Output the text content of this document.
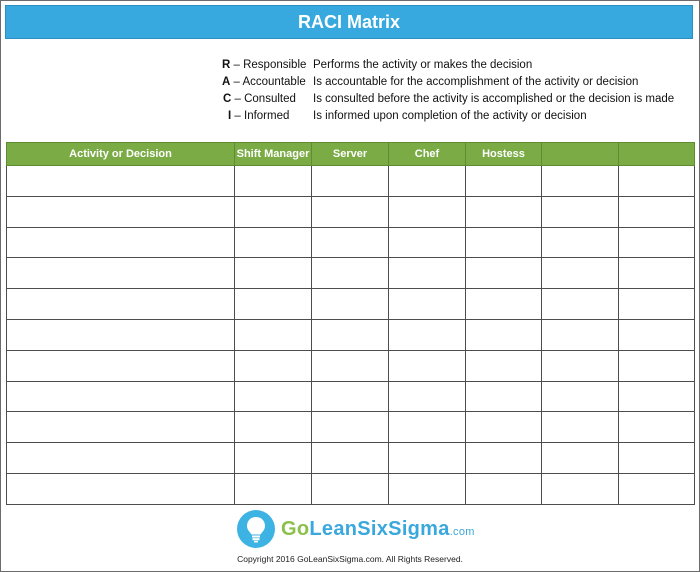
RACI Matrix
R – Responsible Performs the activity or makes the decision
A – Accountable Is accountable for the accomplishment of the activity or decision
C – Consulted	Is consulted before the activity is accomplished or the decision is made
I – Informed	Is informed upon completion of the activity or decision
Activity or Decision	Shift Manager	Server	Chef	Hostess		

GoLeanSixSigma.com
Copyright 2016 GoLeanSixSigma.com. All Rights Reserved.
